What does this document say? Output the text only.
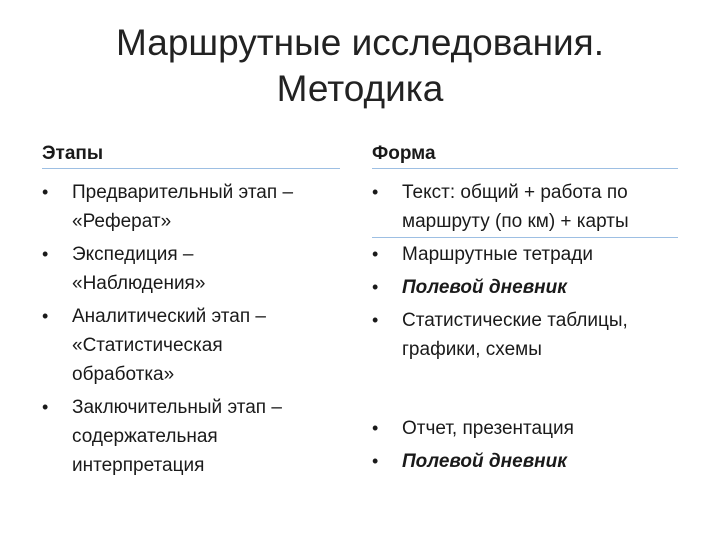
Маршрутные исследования.
Методика
Этапы
• Предварительный этап –
«Реферат»
• Экспедиция –
«Наблюдения»
• Аналитический этап –
«Статистическая
обработка»
• Заключительный этап –
содержательная
интерпретация
Форма
• Текст: общий + работа по
маршруту (по км) + карты
• Маршрутные тетради
• Полевой дневник
• Статистические таблицы,
графики, схемы
• Отчет, презентация
• Полевой дневник
